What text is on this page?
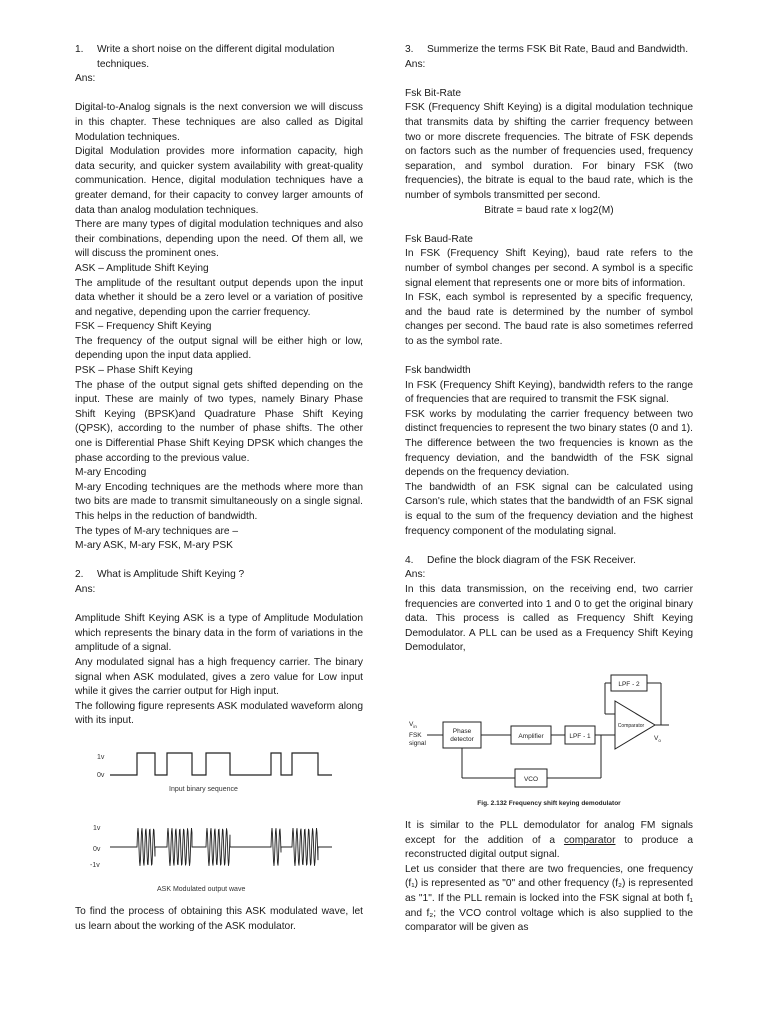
1.	Write a short noise on the different digital modulation techniques.

Ans:

Digital-to-Analog signals is the next conversion we will discuss in this chapter. These techniques are also called as Digital Modulation techniques.

Digital Modulation provides more information capacity, high data security, and quicker system availability with great-quality communication. Hence, digital modulation techniques have a greater demand, for their capacity to convey larger amounts of data than analog modulation techniques.

There are many types of digital modulation techniques and also their combinations, depending upon the need. Of them all, we will discuss the prominent ones.

ASK – Amplitude Shift Keying

The amplitude of the resultant output depends upon the input data whether it should be a zero level or a variation of positive and negative, depending upon the carrier frequency.

FSK – Frequency Shift Keying

The frequency of the output signal will be either high or low, depending upon the input data applied.

PSK – Phase Shift Keying

The phase of the output signal gets shifted depending on the input. These are mainly of two types, namely Binary Phase Shift Keying (BPSK)and Quadrature Phase Shift Keying (QPSK), according to the number of phase shifts. The other one is Differential Phase Shift Keying DPSK which changes the phase according to the previous value.

M-ary Encoding

M-ary Encoding techniques are the methods where more than two bits are made to transmit simultaneously on a single signal. This helps in the reduction of bandwidth.

The types of M-ary techniques are –

M-ary ASK, M-ary FSK, M-ary PSK

2.	What is Amplitude Shift Keying ?

Ans:

Amplitude Shift Keying ASK is a type of Amplitude Modulation which represents the binary data in the form of variations in the amplitude of a signal.

Any modulated signal has a high frequency carrier. The binary signal when ASK modulated, gives a zero value for Low input while it gives the carrier output for High input.

The following figure represents ASK modulated waveform along with its input.

1v
0v
Input binary sequence
1v
0v
-1v
ASK Modulated output wave

To find the process of obtaining this ASK modulated wave, let us learn about the working of the ASK modulator.

3.	Summerize the terms FSK Bit Rate, Baud and Bandwidth.

Ans:

Fsk Bit-Rate

FSK (Frequency Shift Keying) is a digital modulation technique that transmits data by shifting the carrier frequency between two or more discrete frequencies. The bitrate of FSK depends on factors such as the number of frequencies used, frequency separation, and symbol duration. For binary FSK (two frequencies), the bitrate is equal to the baud rate, which is the number of symbols transmitted per second.

Bitrate = baud rate x log2(M)

Fsk Baud-Rate

In FSK (Frequency Shift Keying), baud rate refers to the number of symbol changes per second. A symbol is a specific signal element that represents one or more bits of information.

In FSK, each symbol is represented by a specific frequency, and the baud rate is determined by the number of symbol changes per second. The baud rate is also sometimes referred to as the symbol rate.

Fsk bandwidth

In FSK (Frequency Shift Keying), bandwidth refers to the range of frequencies that are required to transmit the FSK signal.

FSK works by modulating the carrier frequency between two distinct frequencies to represent the two binary states (0 and 1). The difference between the two frequencies is known as the frequency deviation, and the bandwidth of the FSK signal depends on the frequency deviation.

The bandwidth of an FSK signal can be calculated using Carson's rule, which states that the bandwidth of an FSK signal is equal to the sum of the frequency deviation and the highest frequency component of the modulating signal.

4.	Define the block diagram of the FSK Receiver.

Ans:

In this data transmission, on the receiving end, two carrier frequencies are converted into 1 and 0 to get the original binary data. This process is called as Frequency Shift Keying Demodulator. A PLL can be used as a Frequency Shift Keying Demodulator,

Phase
detector	Amplifier	LPF - 1
LPF - 2
VCO
Comparator
$V_{in}$
FSK
signal
$V_o$
Fig. 2.132 Frequency shift keying demodulator

It is similar to the PLL demodulator for analog FM signals except for the addition of a comparator to produce a reconstructed digital output signal.

Let us consider that there are two frequencies, one frequency (f₁) is represented as "0" and other frequency (f₂) is represented as "1". If the PLL remain is locked into the FSK signal at both f₁ and f₂; the VCO control voltage which is also supplied to the comparator will be given as
